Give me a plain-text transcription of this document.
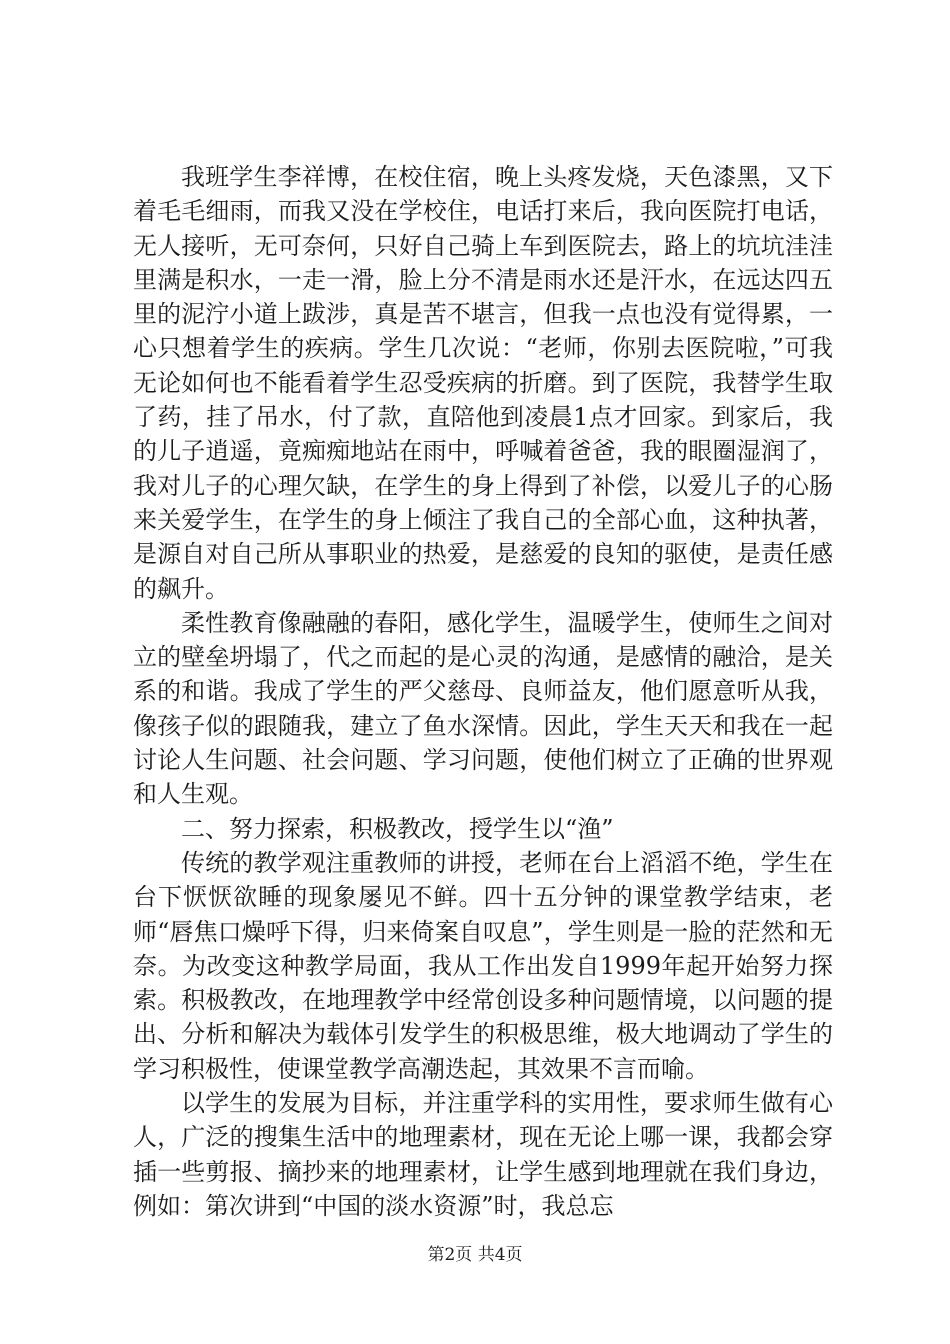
我班学生李祥博，在校住宿，晚上头疼发烧，天色漆黑，又下着毛毛细雨，而我又没在学校住，电话打来后，我向医院打电话，无人接听，无可奈何，只好自己骑上车到医院去，路上的坑坑洼洼里满是积水，一走一滑，脸上分不清是雨水还是汗水，在远达四五里的泥泞小道上跋涉，真是苦不堪言，但我一点也没有觉得累，一心只想着学生的疾病。学生几次说：“老师，你别去医院啦，”可我无论如何也不能看着学生忍受疾病的折磨。到了医院，我替学生取了药，挂了吊水，付了款，直陪他到凌晨1点才回家。到家后，我的儿子逍遥，竟痴痴地站在雨中，呼喊着爸爸，我的眼圈湿润了，我对儿子的心理欠缺，在学生的身上得到了补偿，以爱儿子的心肠来关爱学生，在学生的身上倾注了我自己的全部心血，这种执著，是源自对自己所从事职业的热爱，是慈爱的良知的驱使，是责任感的飙升。

柔性教育像融融的春阳，感化学生，温暖学生，使师生之间对立的壁垒坍塌了，代之而起的是心灵的沟通，是感情的融洽，是关系的和谐。我成了学生的严父慈母、良师益友，他们愿意听从我，像孩子似的跟随我，建立了鱼水深情。因此，学生天天和我在一起讨论人生问题、社会问题、学习问题，使他们树立了正确的世界观和人生观。

二、努力探索，积极教改，授学生以“渔”

传统的教学观注重教师的讲授，老师在台上滔滔不绝，学生在台下恹恹欲睡的现象屡见不鲜。四十五分钟的课堂教学结束，老师“唇焦口燥呼下得，归来倚案自叹息”，学生则是一脸的茫然和无奈。为改变这种教学局面，我从工作出发自1999年起开始努力探索。积极教改，在地理教学中经常创设多种问题情境，以问题的提出、分析和解决为载体引发学生的积极思维，极大地调动了学生的学习积极性，使课堂教学高潮迭起，其效果不言而喻。

以学生的发展为目标，并注重学科的实用性，要求师生做有心人，广泛的搜集生活中的地理素材，现在无论上哪一课，我都会穿插一些剪报、摘抄来的地理素材，让学生感到地理就在我们身边，例如：第次讲到“中国的淡水资源”时，我总忘

第2页 共4页
